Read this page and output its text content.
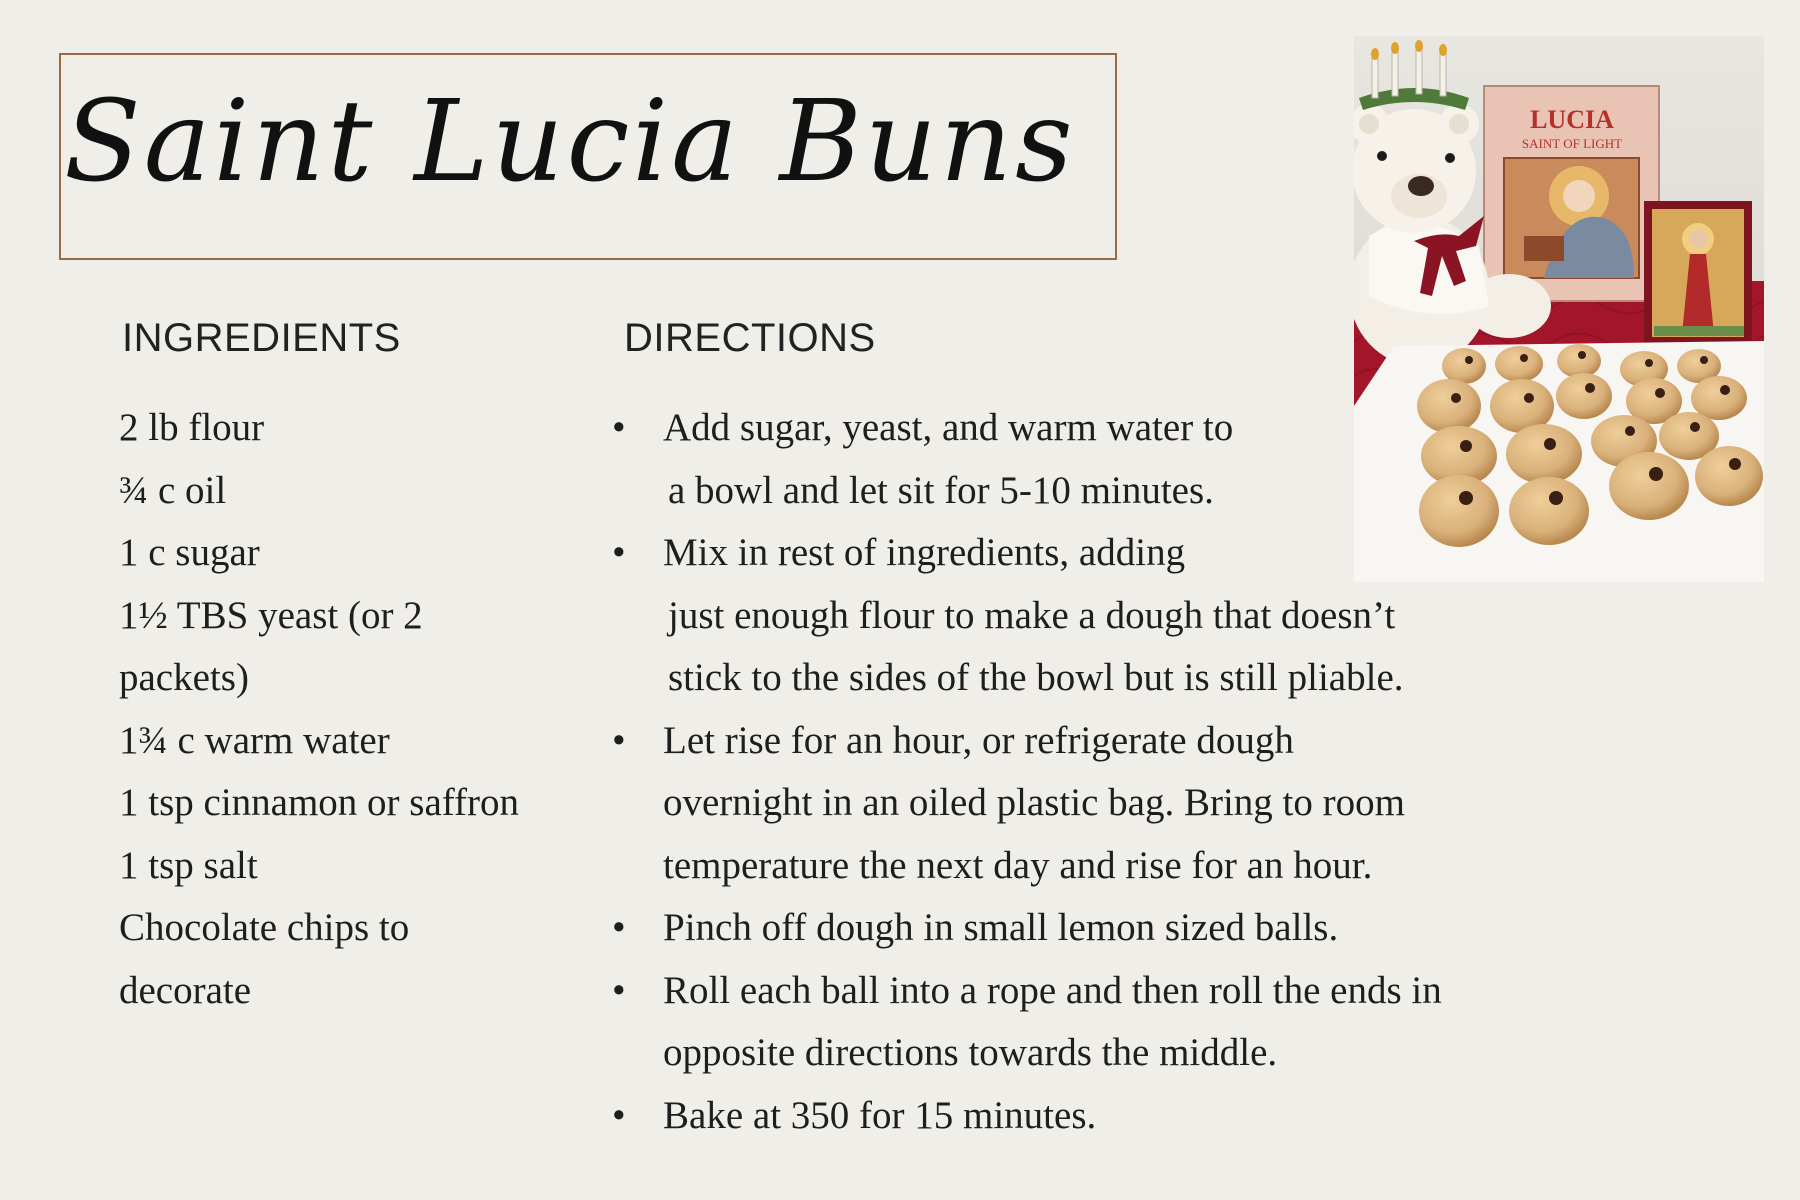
Saint Lucia Buns
INGREDIENTS	DIRECTIONS
2 lb flour
¾ c oil
1 c sugar
1½ TBS yeast (or 2 packets)
1¾ c warm water
1 tsp cinnamon or saffron
1 tsp salt
Chocolate chips to decorate
• Add sugar, yeast, and warm water to
a bowl and let sit for 5-10 minutes.
• Mix in rest of ingredients, adding
just enough flour to make a dough that doesn’t
stick to the sides of the bowl but is still pliable.
• Let rise for an hour, or refrigerate dough
overnight in an oiled plastic bag. Bring to room
temperature the next day and rise for an hour.
• Pinch off dough in small lemon sized balls.
• Roll each ball into a rope and then roll the ends in
opposite directions towards the middle.
• Bake at 350 for 15 minutes.
LUCIA
SAINT OF LIGHT
